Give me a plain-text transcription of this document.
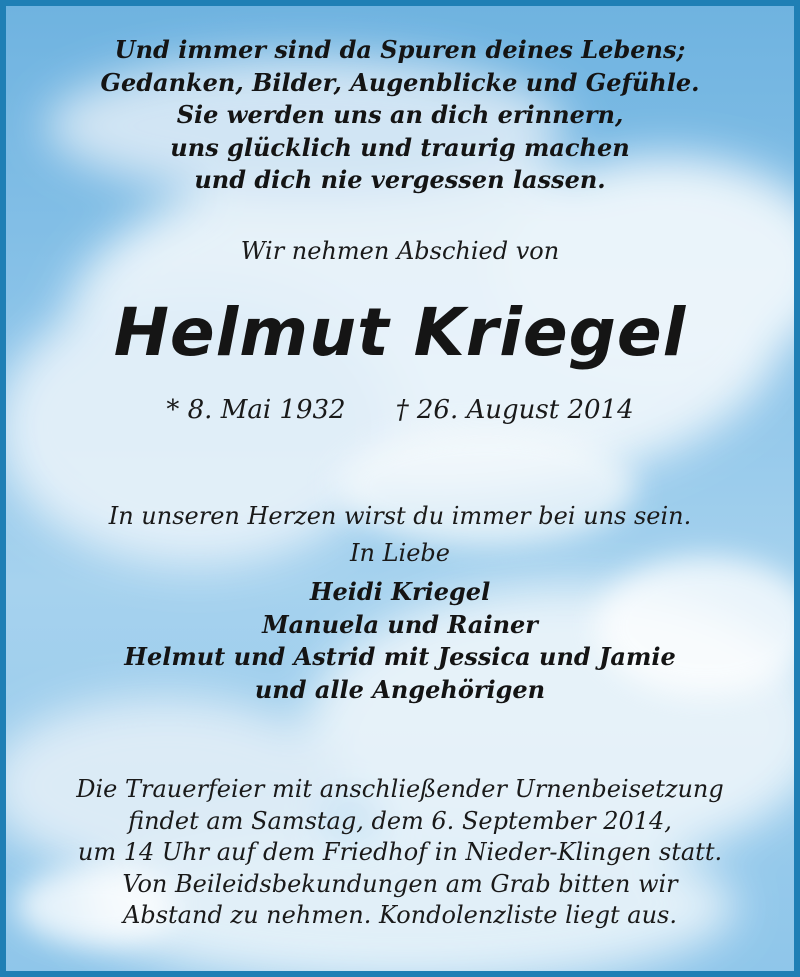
Und immer sind da Spuren deines Lebens;
Gedanken, Bilder, Augenblicke und Gefühle.
Sie werden uns an dich erinnern,
uns glücklich und traurig machen
und dich nie vergessen lassen.
Wir nehmen Abschied von
Helmut Kriegel
* 8. Mai 1932 † 26. August 2014
In unseren Herzen wirst du immer bei uns sein.
In Liebe
Heidi Kriegel
Manuela und Rainer
Helmut und Astrid mit Jessica und Jamie
und alle Angehörigen
Die Trauerfeier mit anschließender Urnenbeisetzung
findet am Samstag, dem 6. September 2014,
um 14 Uhr auf dem Friedhof in Nieder-Klingen statt.
Von Beileidsbekundungen am Grab bitten wir
Abstand zu nehmen. Kondolenzliste liegt aus.
